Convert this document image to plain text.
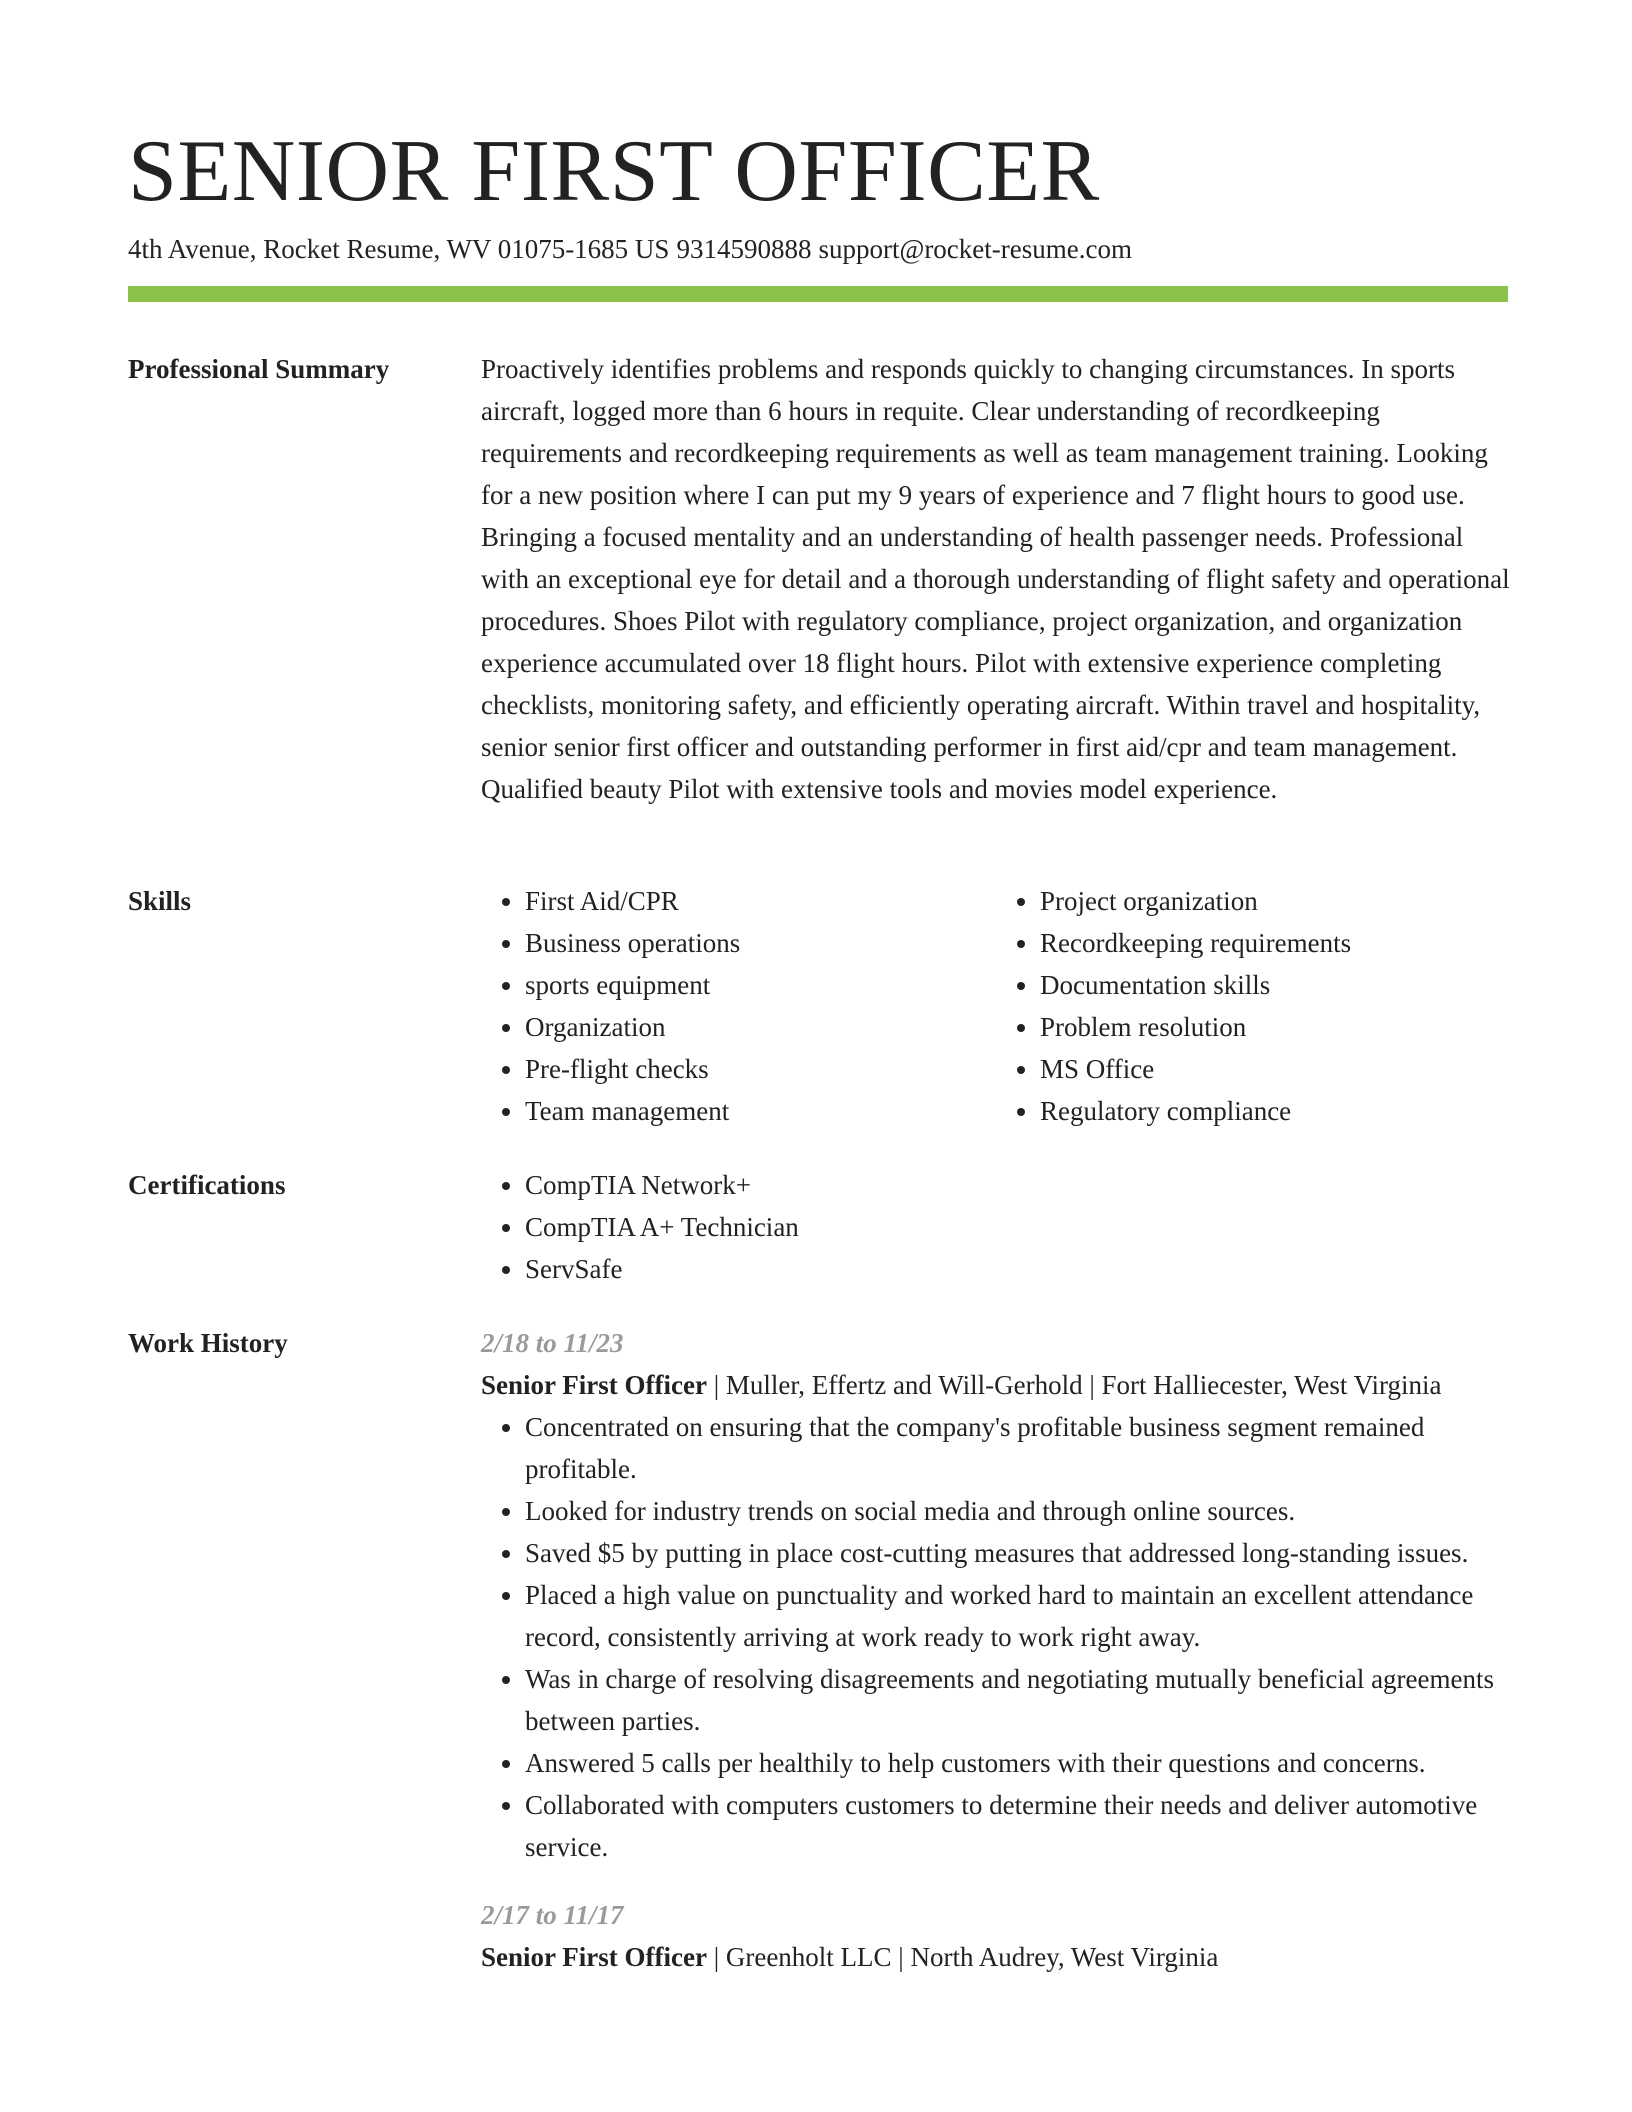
SENIOR FIRST OFFICER
4th Avenue, Rocket Resume, WV 01075-1685 US 9314590888 support@rocket-resume.com
Professional Summary	Proactively identifies problems and responds quickly to changing circumstances. In sports aircraft, logged more than 6 hours in requite. Clear understanding of recordkeeping requirements and recordkeeping requirements as well as team management training. Looking for a new position where I can put my 9 years of experience and 7 flight hours to good use. Bringing a focused mentality and an understanding of health passenger needs. Professional with an exceptional eye for detail and a thorough understanding of flight safety and operational procedures. Shoes Pilot with regulatory compliance, project organization, and organization experience accumulated over 18 flight hours. Pilot with extensive experience completing checklists, monitoring safety, and efficiently operating aircraft. Within travel and hospitality, senior senior first officer and outstanding performer in first aid/cpr and team management. Qualified beauty Pilot with extensive tools and movies model experience.

Skills	• First Aid/CPR
• Business operations
• sports equipment
• Organization
• Pre-flight checks
• Team management
• Project organization
• Recordkeeping requirements
• Documentation skills
• Problem resolution
• MS Office
• Regulatory compliance
Certifications	• CompTIA Network+
• CompTIA A+ Technician
• ServSafe
Work History	2/18 to 11/23

Senior First Officer | Muller, Effertz and Will-Gerhold | Fort Halliecester, West Virginia

• Concentrated on ensuring that the company's profitable business segment remained profitable.
• Looked for industry trends on social media and through online sources.
• Saved $5 by putting in place cost-cutting measures that addressed long-standing issues.
• Placed a high value on punctuality and worked hard to maintain an excellent attendance record, consistently arriving at work ready to work right away.
• Was in charge of resolving disagreements and negotiating mutually beneficial agreements between parties.
• Answered 5 calls per healthily to help customers with their questions and concerns.
• Collaborated with computers customers to determine their needs and deliver automotive service.
2/17 to 11/17

Senior First Officer | Greenholt LLC | North Audrey, West Virginia
